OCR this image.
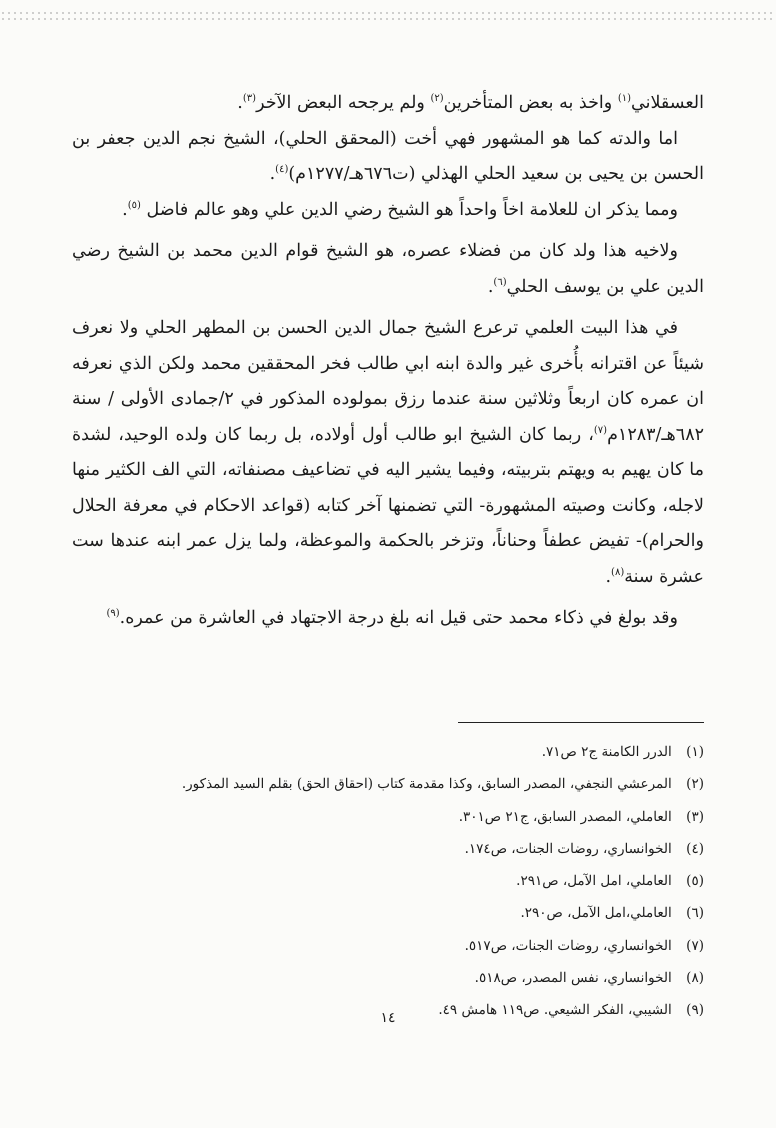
العسقلاني$^{(١)}$ واخذ به بعض المتأخرين$^{(٢)}$ ولم يرجحه البعض الآخر$^{(٣)}$.

اما والدته كما هو المشهور فهي أخت (المحقق الحلي)، الشيخ نجم الدين جعفر بن الحسن بن يحيى بن سعيد الحلي الهذلي (ت٦٧٦هـ/١٢٧٧م)$^{(٤)}$.

ومما يذكر ان للعلامة اخاً واحداً هو الشيخ رضي الدين علي وهو عالم فاضل $^{(٥)}$.

ولاخيه هذا ولد كان من فضلاء عصره، هو الشيخ قوام الدين محمد بن الشيخ رضي الدين علي بن يوسف الحلي$^{(٦)}$.

في هذا البيت العلمي ترعرع الشيخ جمال الدين الحسن بن المطهر الحلي ولا نعرف شيئاً عن اقترانه بأُخرى غير والدة ابنه ابي طالب فخر المحققين محمد ولكن الذي نعرفه ان عمره كان اربعاً وثلاثين سنة عندما رزق بمولوده المذكور في ٢/جمادى الأولى / سنة ٦٨٢هـ/١٢٨٣م$^{(٧)}$، ربما كان الشيخ ابو طالب أول أولاده، بل ربما كان ولده الوحيد، لشدة ما كان يهيم به ويهتم بتربيته، وفيما يشير اليه في تضاعيف مصنفاته، التي الف الكثير منها لاجله، وكانت وصيته المشهورة- التي تضمنها آخر كتابه (قواعد الاحكام في معرفة الحلال والحرام)- تفيض عطفاً وحناناً، وتزخر بالحكمة والموعظة، ولما يزل عمر ابنه عندها ست عشرة سنة$^{(٨)}$.

وقد بولغ في ذكاء محمد حتى قيل انه بلغ درجة الاجتهاد في العاشرة من عمره.$^{(٩)}$

(١) الدرر الكامنة ج٢ ص٧١.
(٢) المرعشي النجفي، المصدر السابق، وكذا مقدمة كتاب (احقاق الحق) بقلم السيد المذكور.
(٣) العاملي، المصدر السابق، ج٢١ ص٣٠١.
(٤) الخوانساري، روضات الجنات، ص١٧٤.
(٥) العاملي، امل الآمل، ص٢٩١.
(٦) العاملي،امل الآمل، ص٢٩٠.
(٧) الخوانساري، روضات الجنات، ص٥١٧.
(٨) الخوانساري، نفس المصدر، ص٥١٨.
(٩) الشيبي، الفكر الشيعي. ص١١٩ هامش ٤٩.
١٤
